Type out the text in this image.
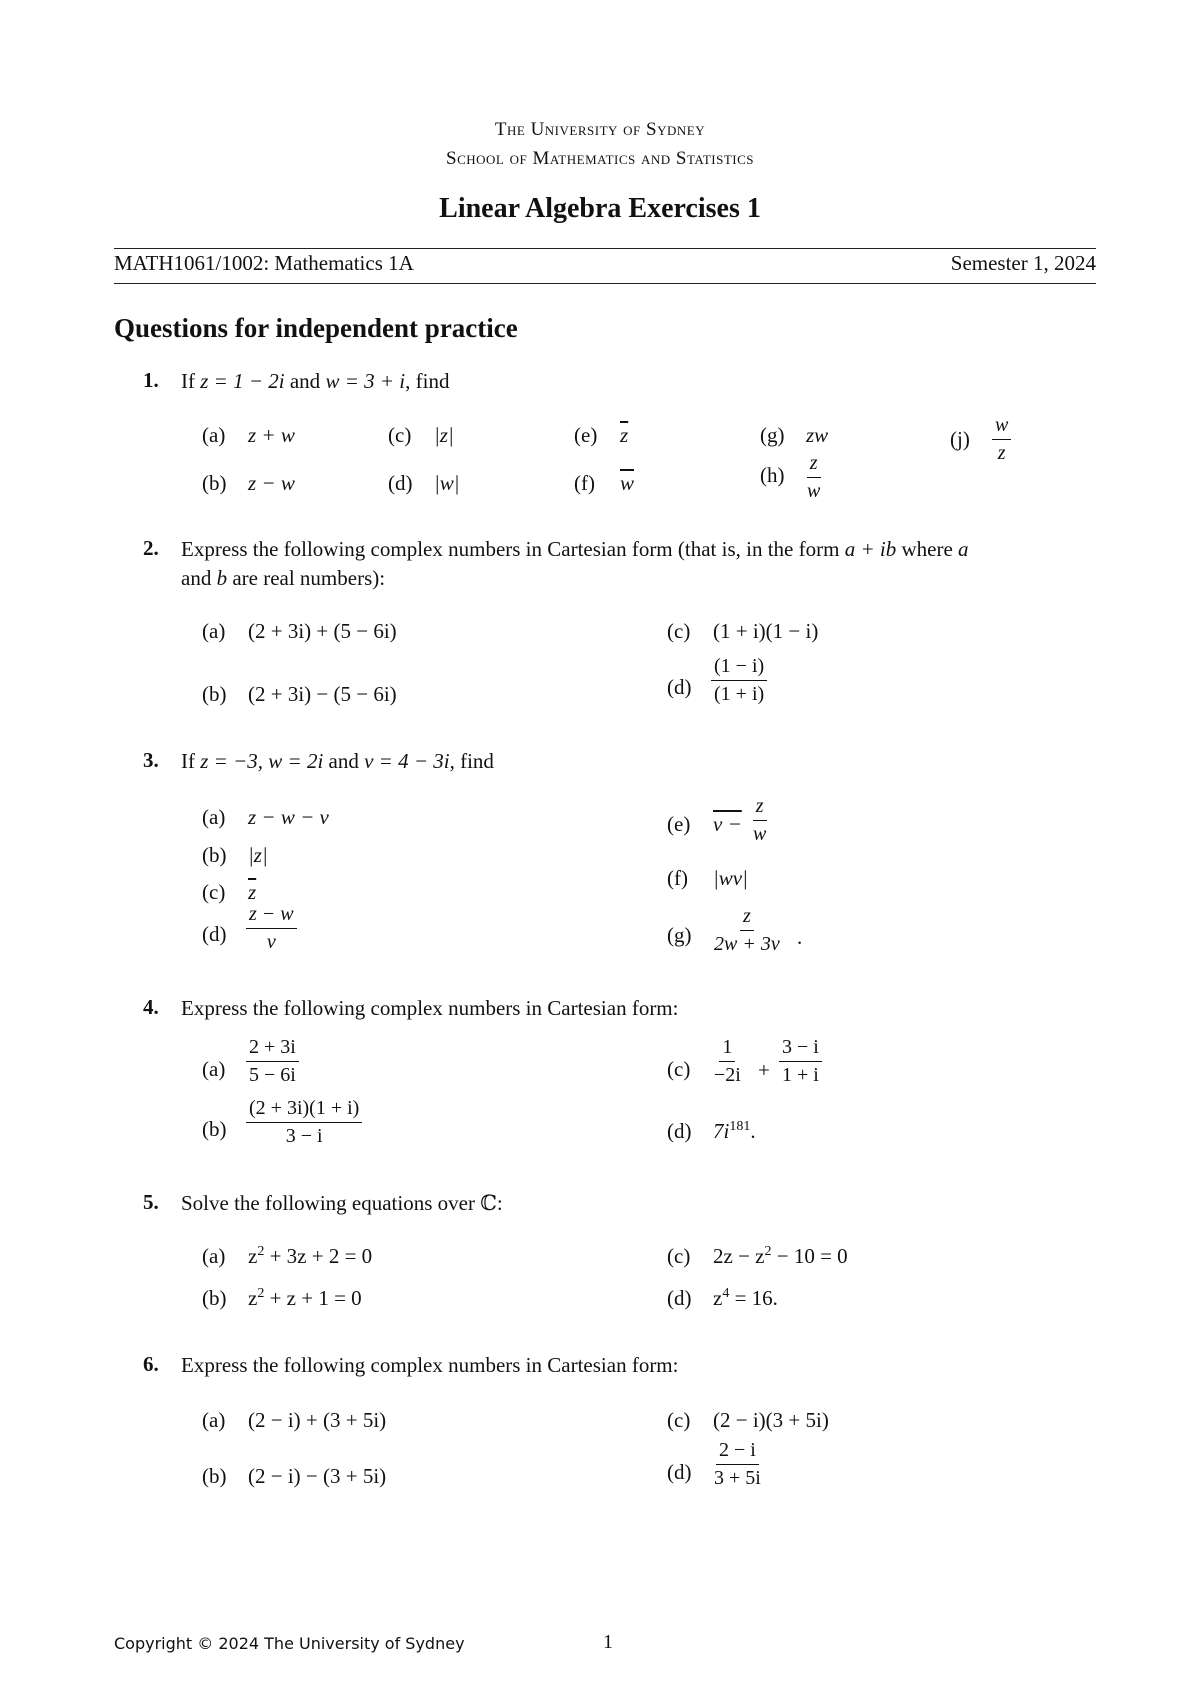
The University of Sydney
School of Mathematics and Statistics
Linear Algebra Exercises 1
MATH1061/1002: Mathematics 1A	Semester 1, 2024
Questions for independent practice
1. If z = 1 − 2i and w = 3 + i, find
(a) z + w
(b) z − w
(c) |z|
(d) |w|
(e) $\overline{z}$
(f) $\overline{w}$
(g) zw
$(h) \frac{z}{w}$
$(j) \frac{w}{z}$
2. Express the following complex numbers in Cartesian form (that is, in the form a + ib where a
and b are real numbers):
(a) (2 + 3i) + (5 − 6i)
(b) (2 + 3i) − (5 − 6i)
(c) (1 + i)(1 − i)
$(d) \frac{(1 - i)}{(1 + i)}$
3. If z = −3, w = 2i and v = 4 − 3i, find
(a) z − w − v
(b) |z|
(c) $\overline{z}$
$(d) \frac{z - w}{v}$
(e) $v - \frac{z}{w}$
(f) |wv|
$(g) \frac{z}{2w + 3v}$ .
4. Express the following complex numbers in Cartesian form:
$(a) \frac{2 + 3i}{5 - 6i}$
$(b) \frac{(2 + 3i)(1 + i)}{3 - i}$
$(c) \frac{1}{-2i} + \frac{3 - i}{1 + i}$
(d) $7i^{181}$.
5. Solve the following equations over ℂ:
(a) $z^2 + 3z + 2 = 0$
(b) $z^2 + z + 1 = 0$
(c) $2z - z^2 - 10 = 0$
(d) $z^4 = 16$.
6. Express the following complex numbers in Cartesian form:
(a) (2 − i) + (3 + 5i)
(b) (2 − i) − (3 + 5i)
(c) (2 − i)(3 + 5i)
$(d) \frac{2 - i}{3 + 5i}$
Copyright © 2024 The University of Sydney	1
